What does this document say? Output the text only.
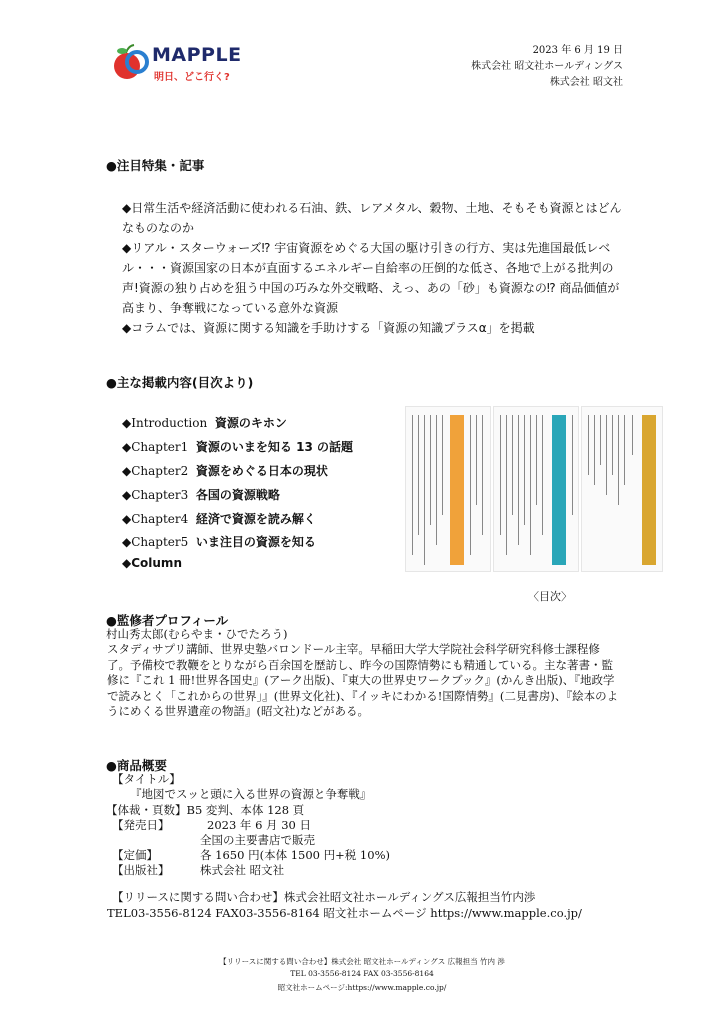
MAPPLE
明日、どこ行く?
2023 年 6 月 19 日
株式会社 昭文社ホールディングス
株式会社 昭文社
●注目特集・記事

◆日常生活や経済活動に使われる石油、鉄、レアメタル、穀物、土地、そもそも資源とはどんなものなのか

◆リアル・スターウォーズ⁉ 宇宙資源をめぐる大国の駆け引きの行方、実は先進国最低レベル・・・資源国家の日本が直面するエネルギー自給率の圧倒的な低さ、各地で上がる批判の声!資源の独り占めを狙う中国の巧みな外交戦略、えっ、あの「砂」も資源なの⁉ 商品価値が高まり、争奪戦になっている意外な資源

◆コラムでは、資源に関する知識を手助けする「資源の知識プラスα」を掲載

●主な掲載内容(目次より)
◆Introduction 資源のキホン
◆Chapter1 資源のいまを知る 13 の話題
◆Chapter2 資源をめぐる日本の現状
◆Chapter3 各国の資源戦略
◆Chapter4 経済で資源を読み解く
◆Chapter5 いま注目の資源を知る
◆Column
〈目次〉
●監修者プロフィール
村山秀太郎(むらやま・ひでたろう)
スタディサプリ講師、世界史塾バロンドール主宰。早稲田大学大学院社会科学研究科修士課程修了。予備校で教鞭をとりながら百余国を歴訪し、昨今の国際情勢にも精通している。主な著書・監修に『これ 1 冊!世界各国史』(アーク出版)、『東大の世界史ワークブック』(かんき出版)、『地政学で読みとく「これからの世界」』(世界文化社)、『イッキにわかる!国際情勢』(二見書房)、『絵本のようにめくる世界遺産の物語』(昭文社)などがある。
●商品概要
【タイトル】
『地図でスッと頭に入る世界の資源と争奪戦』
【体裁・頁数】B5 変判、本体 128 頁
【発売日】	2023 年 6 月 30 日
全国の主要書店で販売
【定価】	各 1650 円(本体 1500 円+税 10%)
【出版社】	株式会社 昭文社
【リリースに関する問い合わせ】株式会社昭文社ホールディングス広報担当竹内渉
TEL03-3556-8124 FAX03-3556-8164 昭文社ホームページ https://www.mapple.co.jp/
【リリースに関する問い合わせ】株式会社 昭文社ホールディングス 広報担当 竹内 渉
TEL 03-3556-8124 FAX 03-3556-8164
昭文社ホームページ:https://www.mapple.co.jp/
